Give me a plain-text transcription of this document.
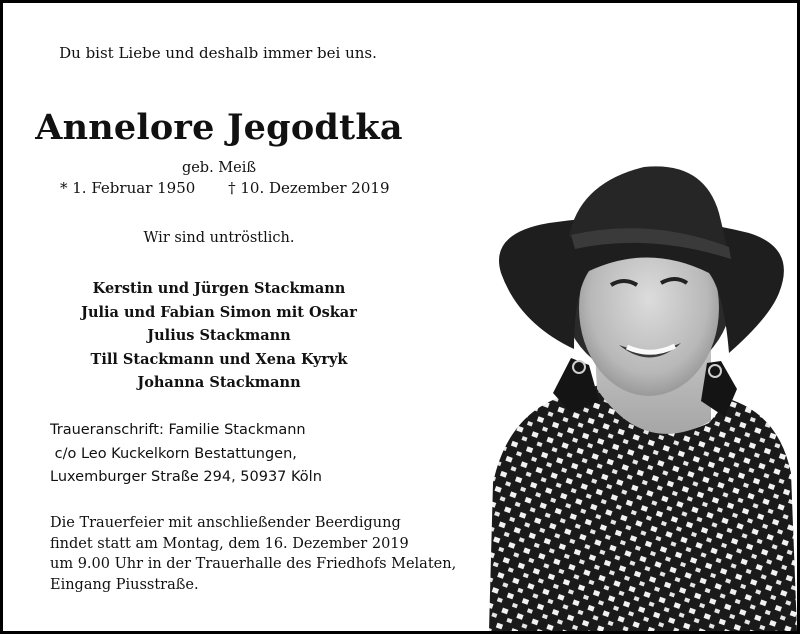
Du bist Liebe und deshalb immer bei uns.
Annelore Jegodtka
geb. Meiß
* 1. Februar 1950 † 10. Dezember 2019
Wir sind untröstlich.
Kerstin und Jürgen Stackmann
Julia und Fabian Simon mit Oskar
Julius Stackmann
Till Stackmann und Xena Kyryk
Johanna Stackmann
Traueranschrift: Familie Stackmann
c/o Leo Kuckelkorn Bestattungen,
Luxemburger Straße 294, 50937 Köln
Die Trauerfeier mit anschließender Beerdigung
findet statt am Montag, dem 16. Dezember 2019
um 9.00 Uhr in der Trauerhalle des Friedhofs Melaten,
Eingang Piusstraße.
